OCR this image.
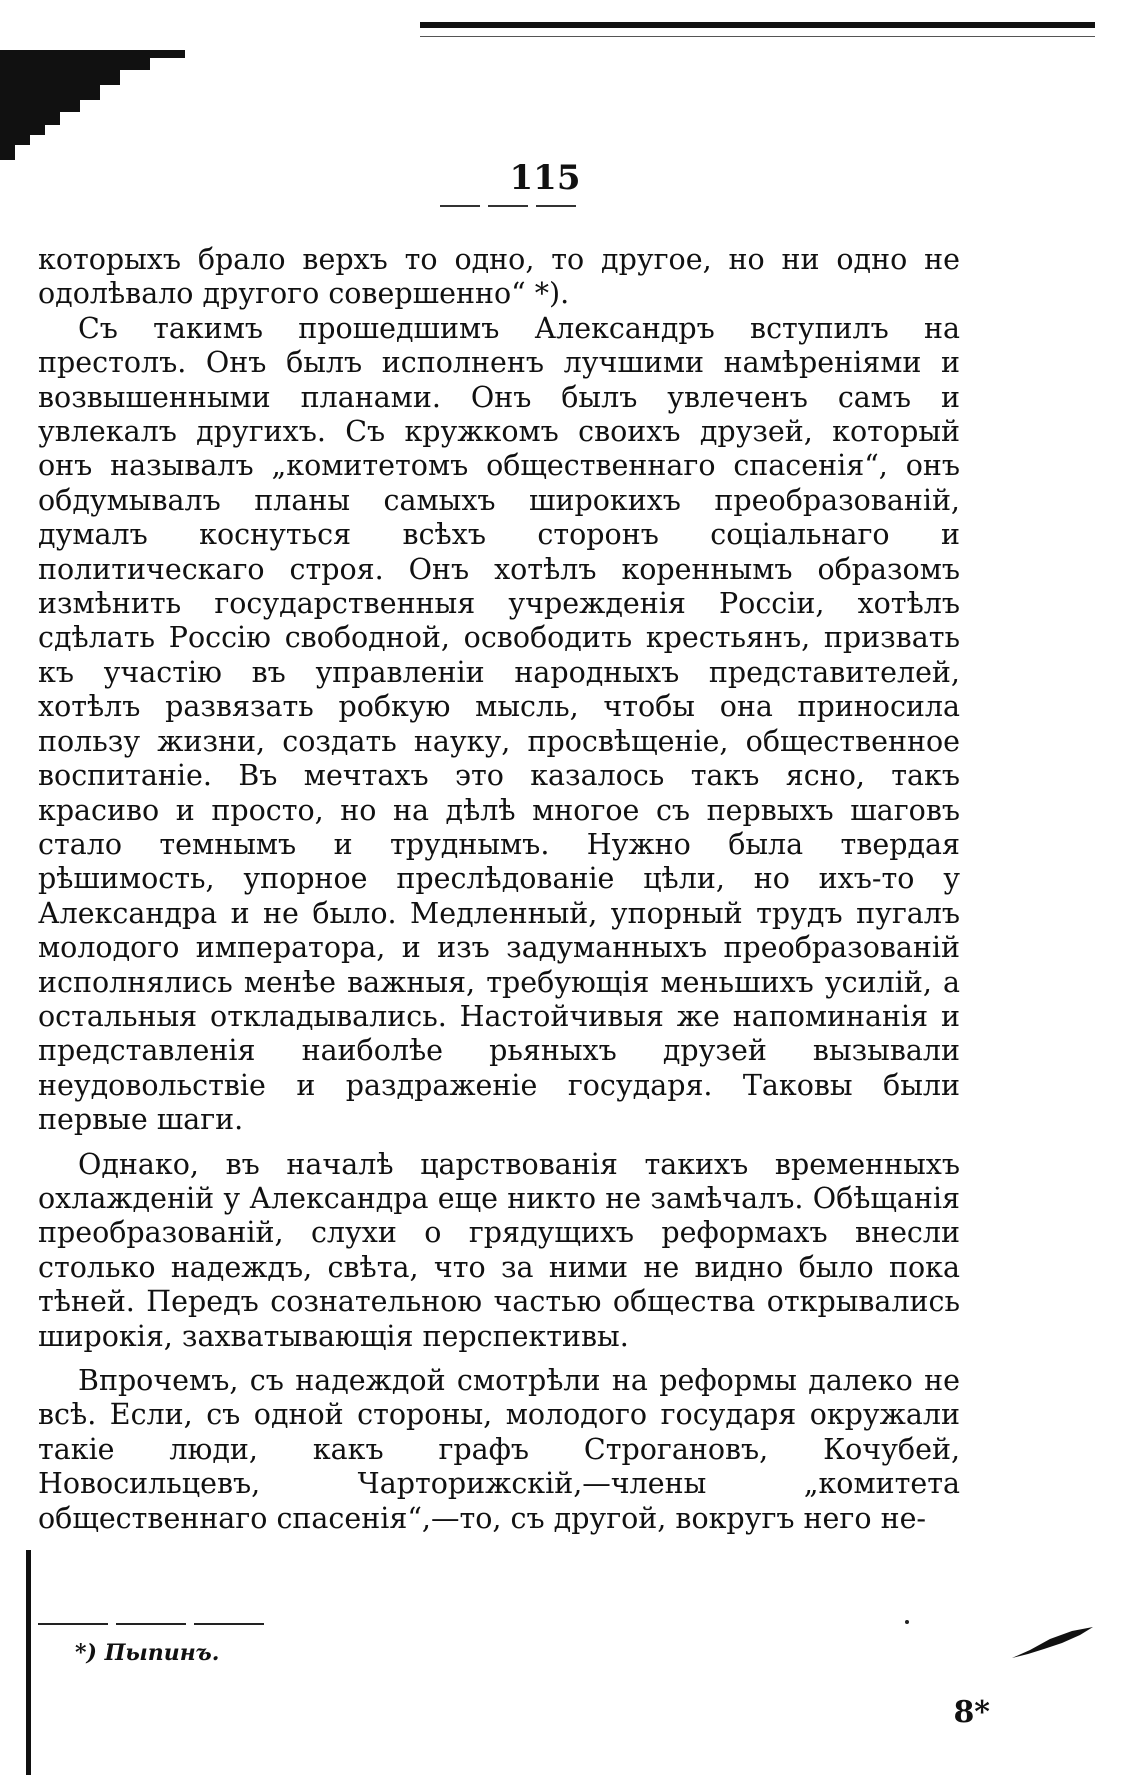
115

которыхъ брало верхъ то одно, то другое, но ни одно не одолѣвало другого совершенно“ *).

Съ такимъ прошедшимъ Александръ вступилъ на престолъ. Онъ былъ исполненъ лучшими намѣреніями и возвышенными планами. Онъ былъ увлеченъ самъ и увлекалъ другихъ. Съ кружкомъ своихъ друзей, который онъ называлъ „комитетомъ общественнаго спасенія“, онъ обдумывалъ планы самыхъ широкихъ преобразованій, думалъ коснуться всѣхъ сторонъ соціальнаго и политическаго строя. Онъ хотѣлъ кореннымъ образомъ измѣнить государственныя учрежденія Россіи, хотѣлъ сдѣлать Россію свободной, освободить крестьянъ, призвать къ участію въ управленіи народныхъ представителей, хотѣлъ развязать робкую мысль, чтобы она приносила пользу жизни, создать науку, просвѣщеніе, общественное воспитаніе. Въ мечтахъ это казалось такъ ясно, такъ красиво и просто, но на дѣлѣ многое съ первыхъ шаговъ стало темнымъ и труднымъ. Нужно была твердая рѣшимость, упорное преслѣдованіе цѣли, но ихъ-то у Александра и не было. Медленный, упорный трудъ пугалъ молодого императора, и изъ задуманныхъ преобразованій исполнялись менѣе важныя, требующія меньшихъ усилій, а остальныя откладывались. Настойчивыя же напоминанія и представленія наиболѣе рьяныхъ друзей вызывали неудовольствіе и раздраженіе государя. Таковы были первые шаги.

Однако, въ началѣ царствованія такихъ временныхъ охлажденій у Александра еще никто не замѣчалъ. Обѣщанія преобразованій, слухи о грядущихъ реформахъ внесли столько надеждъ, свѣта, что за ними не видно было пока тѣней. Передъ сознательною частью общества открывались широкія, захватывающія перспективы.

Впрочемъ, съ надеждой смотрѣли на реформы далеко не всѣ. Если, съ одной стороны, молодого государя окружали такіе люди, какъ графъ Строгановъ, Кочубей, Новосильцевъ, Чарторижскій,—члены „комитета общественнаго спасенія“,—то, съ другой, вокругъ него не-

*) Пыпинъ.
8*
